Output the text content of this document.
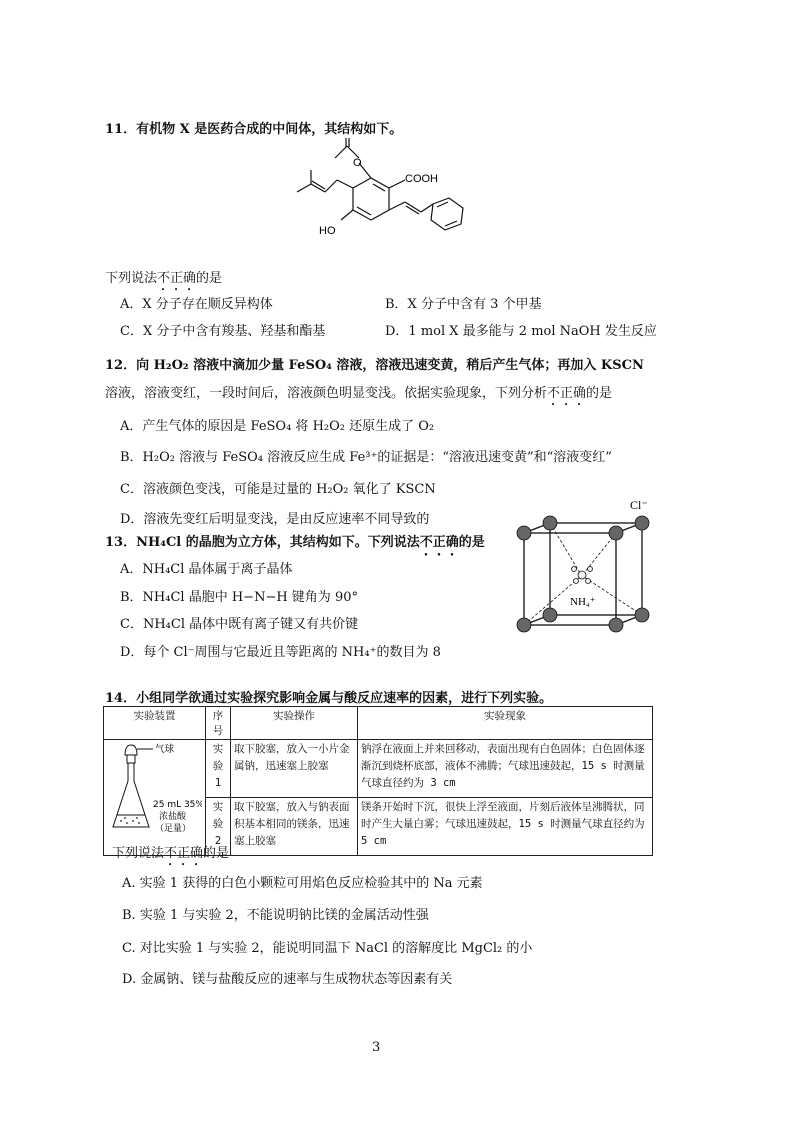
11．有机物 X 是医药合成的中间体，其结构如下。
O
COOH
HO
下列说法不正确的是
A．X 分子存在顺反异构体	B．X 分子中含有 3 个甲基
C．X 分子中含有羧基、羟基和酯基	D．1 mol X 最多能与 2 mol NaOH 发生反应
12．向 H₂O₂ 溶液中滴加少量 FeSO₄ 溶液，溶液迅速变黄，稍后产生气体；再加入 KSCN
溶液，溶液变红，一段时间后，溶液颜色明显变浅。依据实验现象，下列分析不正确的是
A．产生气体的原因是 FeSO₄ 将 H₂O₂ 还原生成了 O₂
B．H₂O₂ 溶液与 FeSO₄ 溶液反应生成 Fe³⁺的证据是：“溶液迅速变黄”和“溶液变红”
C．溶液颜色变浅，可能是过量的 H₂O₂ 氧化了 KSCN
D．溶液先变红后明显变浅，是由反应速率不同导致的
13．NH₄Cl 的晶胞为立方体，其结构如下。下列说法不正确的是
A．NH₄Cl 晶体属于离子晶体
B．NH₄Cl 晶胞中 H−N−H 键角为 90°
C．NH₄Cl 晶体中既有离子键又有共价键
D．每个 Cl⁻周围与它最近且等距离的 NH₄⁺的数目为 8
Cl⁻
NH₄⁺
14．小组同学欲通过实验探究影响金属与酸反应速率的因素，进行下列实验。
实验装置	序号	实验操作	实验现象

气球
25 mL 35%
浓盐酸
（足量）	实
验
1	取下胶塞，放入一小片金属钠，迅速塞上胶塞	钠浮在液面上并来回移动，表面出现有白色固体；白色固体逐渐沉到烧杯底部，液体不沸腾；气球迅速鼓起，15 s 时测量气球直径约为 3 cm
	实
验
2	取下胶塞，放入与钠表面积基本相同的镁条，迅速塞上胶塞	镁条开始时下沉，很快上浮至液面，片刻后液体呈沸腾状，同时产生大量白雾；气球迅速鼓起，15 s 时测量气球直径约为 5 cm
下列说法不正确的是
A. 实验 1 获得的白色小颗粒可用焰色反应检验其中的 Na 元素
B. 实验 1 与实验 2，不能说明钠比镁的金属活动性强
C. 对比实验 1 与实验 2，能说明同温下 NaCl 的溶解度比 MgCl₂ 的小
D. 金属钠、镁与盐酸反应的速率与生成物状态等因素有关
3
